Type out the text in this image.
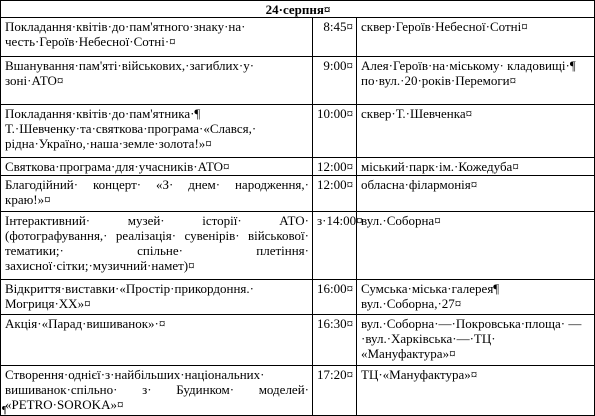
24·серпня¤		
Покладання·квітів·до·пам'ятного·знаку·на· честь·Героїв·Небесної·Сотні·¤	8:45¤	сквер·Героїв·Небесної·Сотні¤
Вшанування·пам'яті·військових,·загиблих·у· зоні·АТО¤	9:00¤	Алея·Героїв·на·міському· кладовищі·¶ по·вул.·20·років·Перемоги¤
Покладання·квітів·до·пам'ятника·¶ Т.·Шевченку·та·святкова·програма·«Слався,· рідна·Україно,·наша·земле·золота!»¤	10:00¤	сквер·Т.·Шевченка¤
Святкова·програма·для·учасників·АТО¤	12:00¤	міський·парк·ім.·Кожедуба¤
Благодійний· концерт· «З· днем· народження,· краю!»¤	12:00¤	обласна·філармонія¤
Інтерактивний· музей· історії· АТО· (фотографування,· реалізація· сувенірів· військової· тематики;· спільне· плетіння· захисної·сітки;·музичний·намет)¤	з·14:00¤	вул.·Соборна¤
Відкриття·виставки·«Простір·прикордоння.· Могриця·XX»¤	16:00¤	Сумська·міська·галерея¶ вул.·Соборна,·27¤
Акція·«Парад·вишиванок»·¤	16:30¤	вул.·Соборна·—·Покровська·площа· —·вул.·Харківська·—·ТЦ· «Мануфактура»¤
Створення·однієї·з·найбільших·національних· вишиванок·спільно· з· Будинком· моделей· «PETRO·SOROKA»¤	17:20¤	ТЦ·«Мануфактура»¤
¶
